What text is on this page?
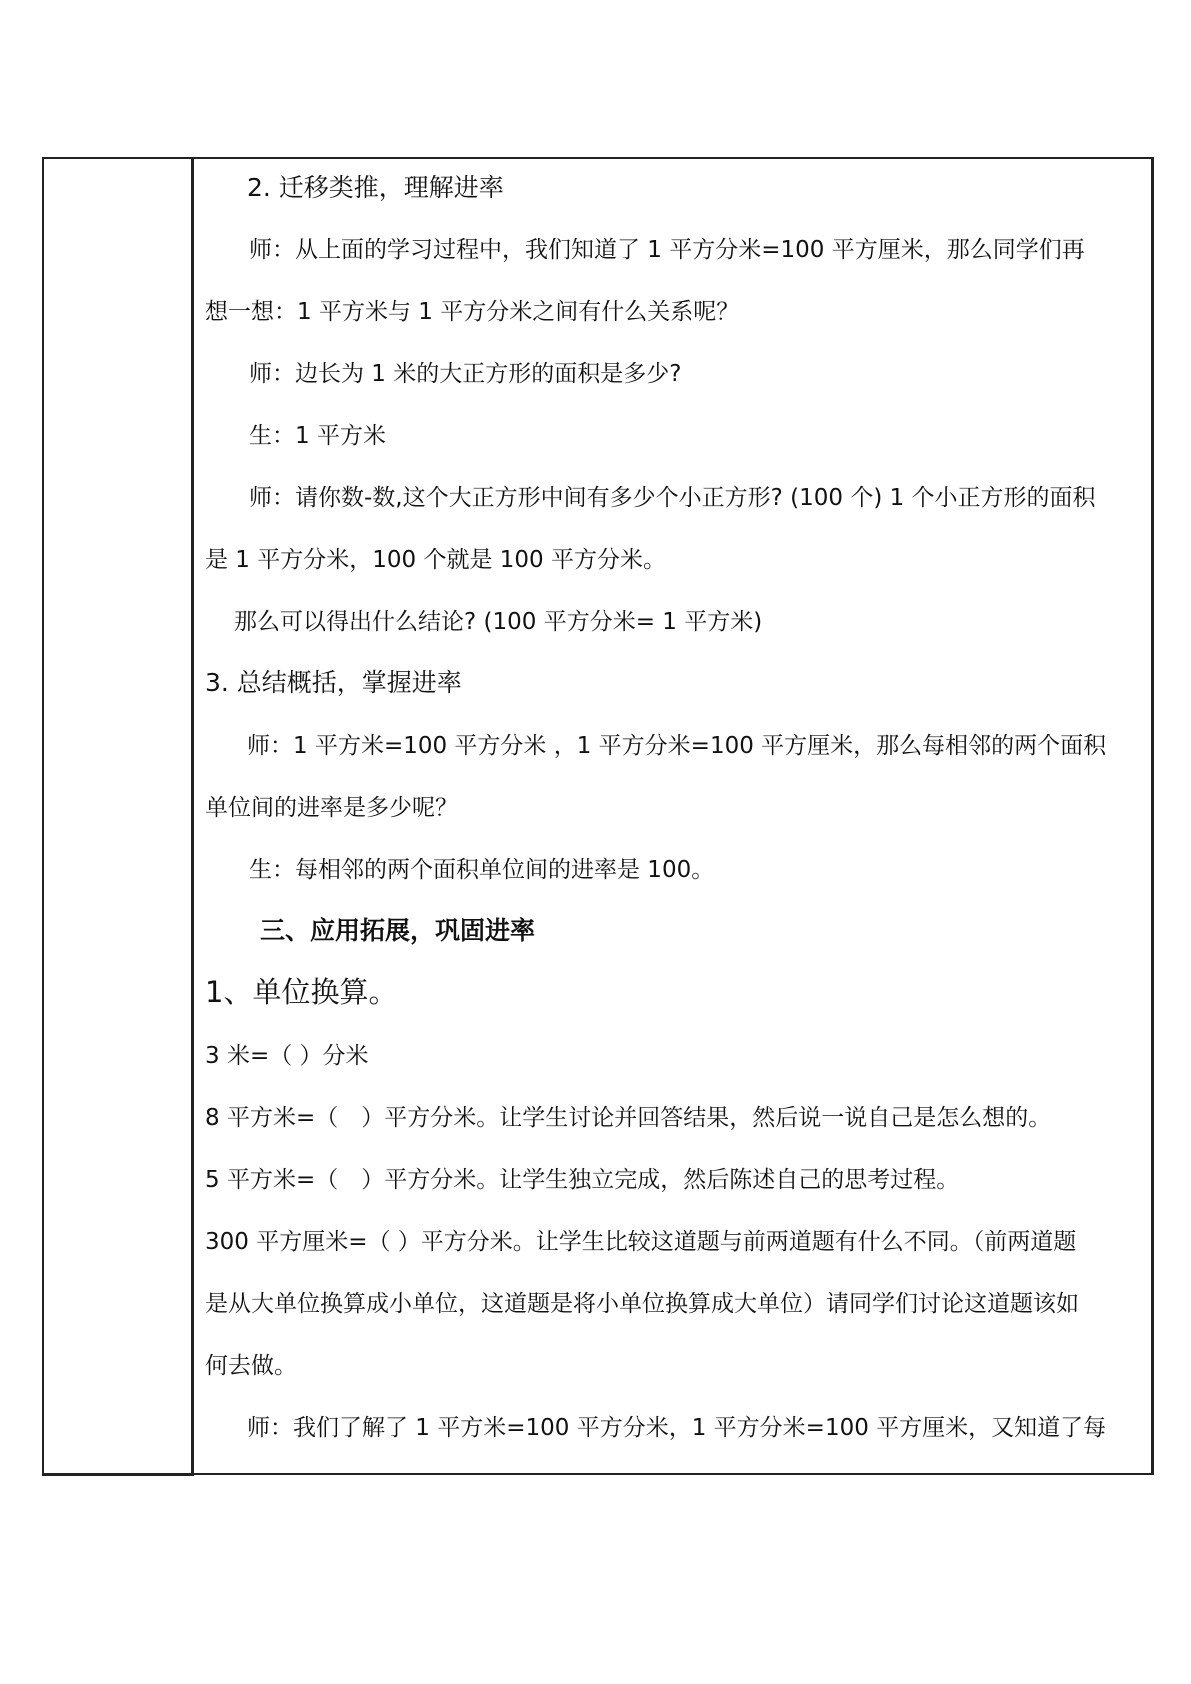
2. 迁移类推，理解进率
师：从上面的学习过程中，我们知道了 1 平方分米=100 平方厘米，那么同学们再
想一想：1 平方米与 1 平方分米之间有什么关系呢？
师：边长为 1 米的大正方形的面积是多少?
生：1 平方米
师：请你数-数,这个大正方形中间有多少个小正方形? (100 个) 1 个小正方形的面积
是 1 平方分米，100 个就是 100 平方分米。
那么可以得出什么结论? (100 平方分米= 1 平方米)
3. 总结概括，掌握进率
师：1 平方米=100 平方分米 ，1 平方分米=100 平方厘米，那么每相邻的两个面积
单位间的进率是多少呢？
生：每相邻的两个面积单位间的进率是 100。
三、应用拓展，巩固进率
1、单位换算。
3 米=（ ）分米
8 平方米=（　）平方分米。让学生讨论并回答结果，然后说一说自己是怎么想的。
5 平方米=（　）平方分米。让学生独立完成，然后陈述自己的思考过程。
300 平方厘米=（ ）平方分米。让学生比较这道题与前两道题有什么不同。（前两道题
是从大单位换算成小单位，这道题是将小单位换算成大单位）请同学们讨论这道题该如
何去做。
师：我们了解了 1 平方米=100 平方分米，1 平方分米=100 平方厘米，又知道了每
